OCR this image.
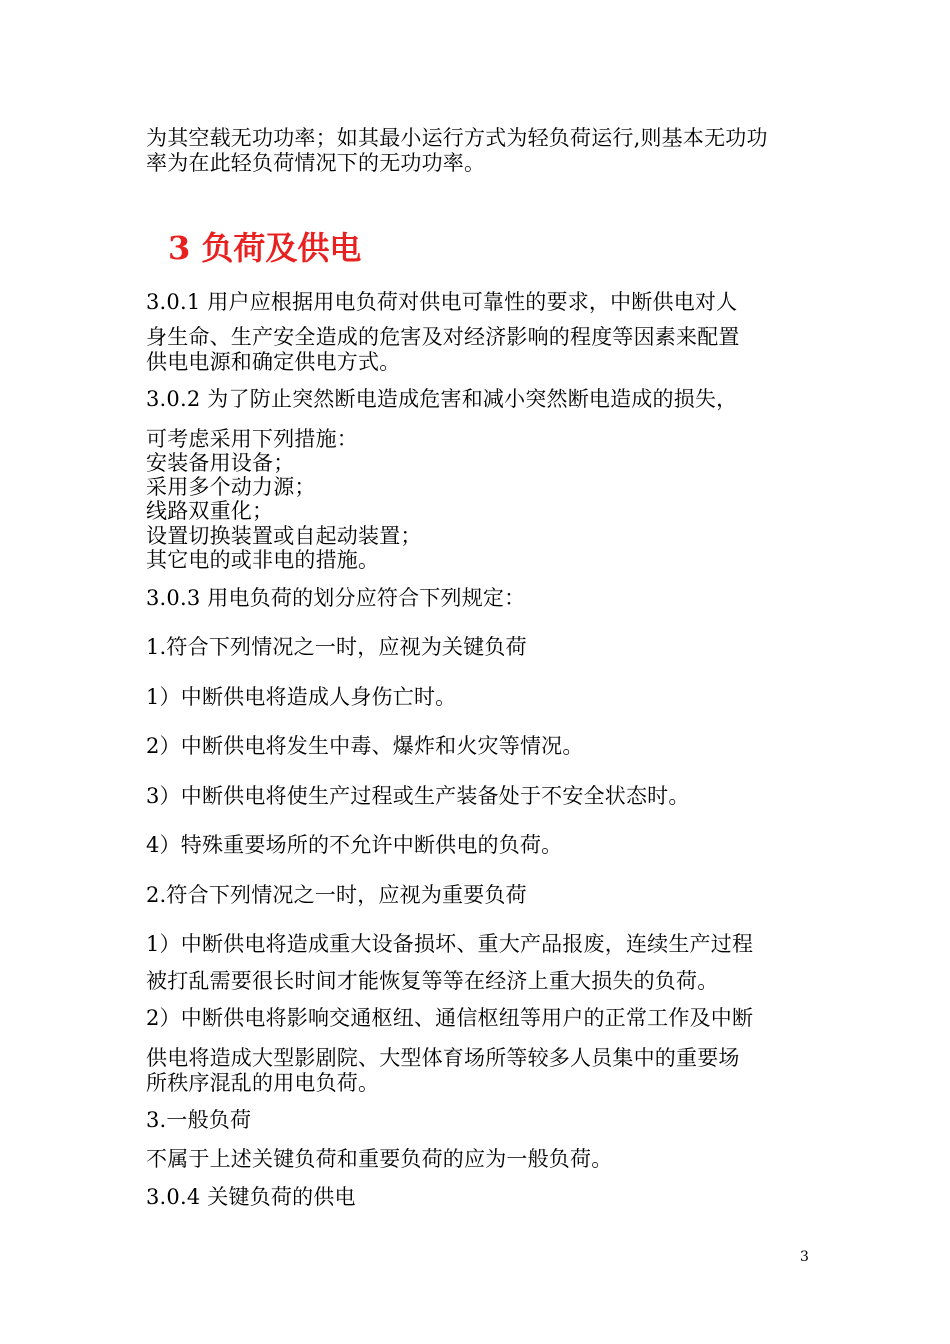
为其空载无功功率；如其最小运行方式为轻负荷运行,则基本无功功

率为在此轻负荷情况下的无功功率。

3 负荷及供电

3.0.1 用户应根据用电负荷对供电可靠性的要求，中断供电对人

身生命、生产安全造成的危害及对经济影响的程度等因素来配置

供电电源和确定供电方式。

3.0.2 为了防止突然断电造成危害和减小突然断电造成的损失，

可考虑采用下列措施：

安装备用设备；

采用多个动力源；

线路双重化；

设置切换装置或自起动装置；

其它电的或非电的措施。

3.0.3 用电负荷的划分应符合下列规定：

1.符合下列情况之一时，应视为关键负荷

1）中断供电将造成人身伤亡时。

2）中断供电将发生中毒、爆炸和火灾等情况。

3）中断供电将使生产过程或生产装备处于不安全状态时。

4）特殊重要场所的不允许中断供电的负荷。

2.符合下列情况之一时，应视为重要负荷

1）中断供电将造成重大设备损坏、重大产品报废，连续生产过程

被打乱需要很长时间才能恢复等等在经济上重大损失的负荷。

2）中断供电将影响交通枢纽、通信枢纽等用户的正常工作及中断

供电将造成大型影剧院、大型体育场所等较多人员集中的重要场

所秩序混乱的用电负荷。

3.一般负荷

不属于上述关键负荷和重要负荷的应为一般负荷。

3.0.4 关键负荷的供电

3
